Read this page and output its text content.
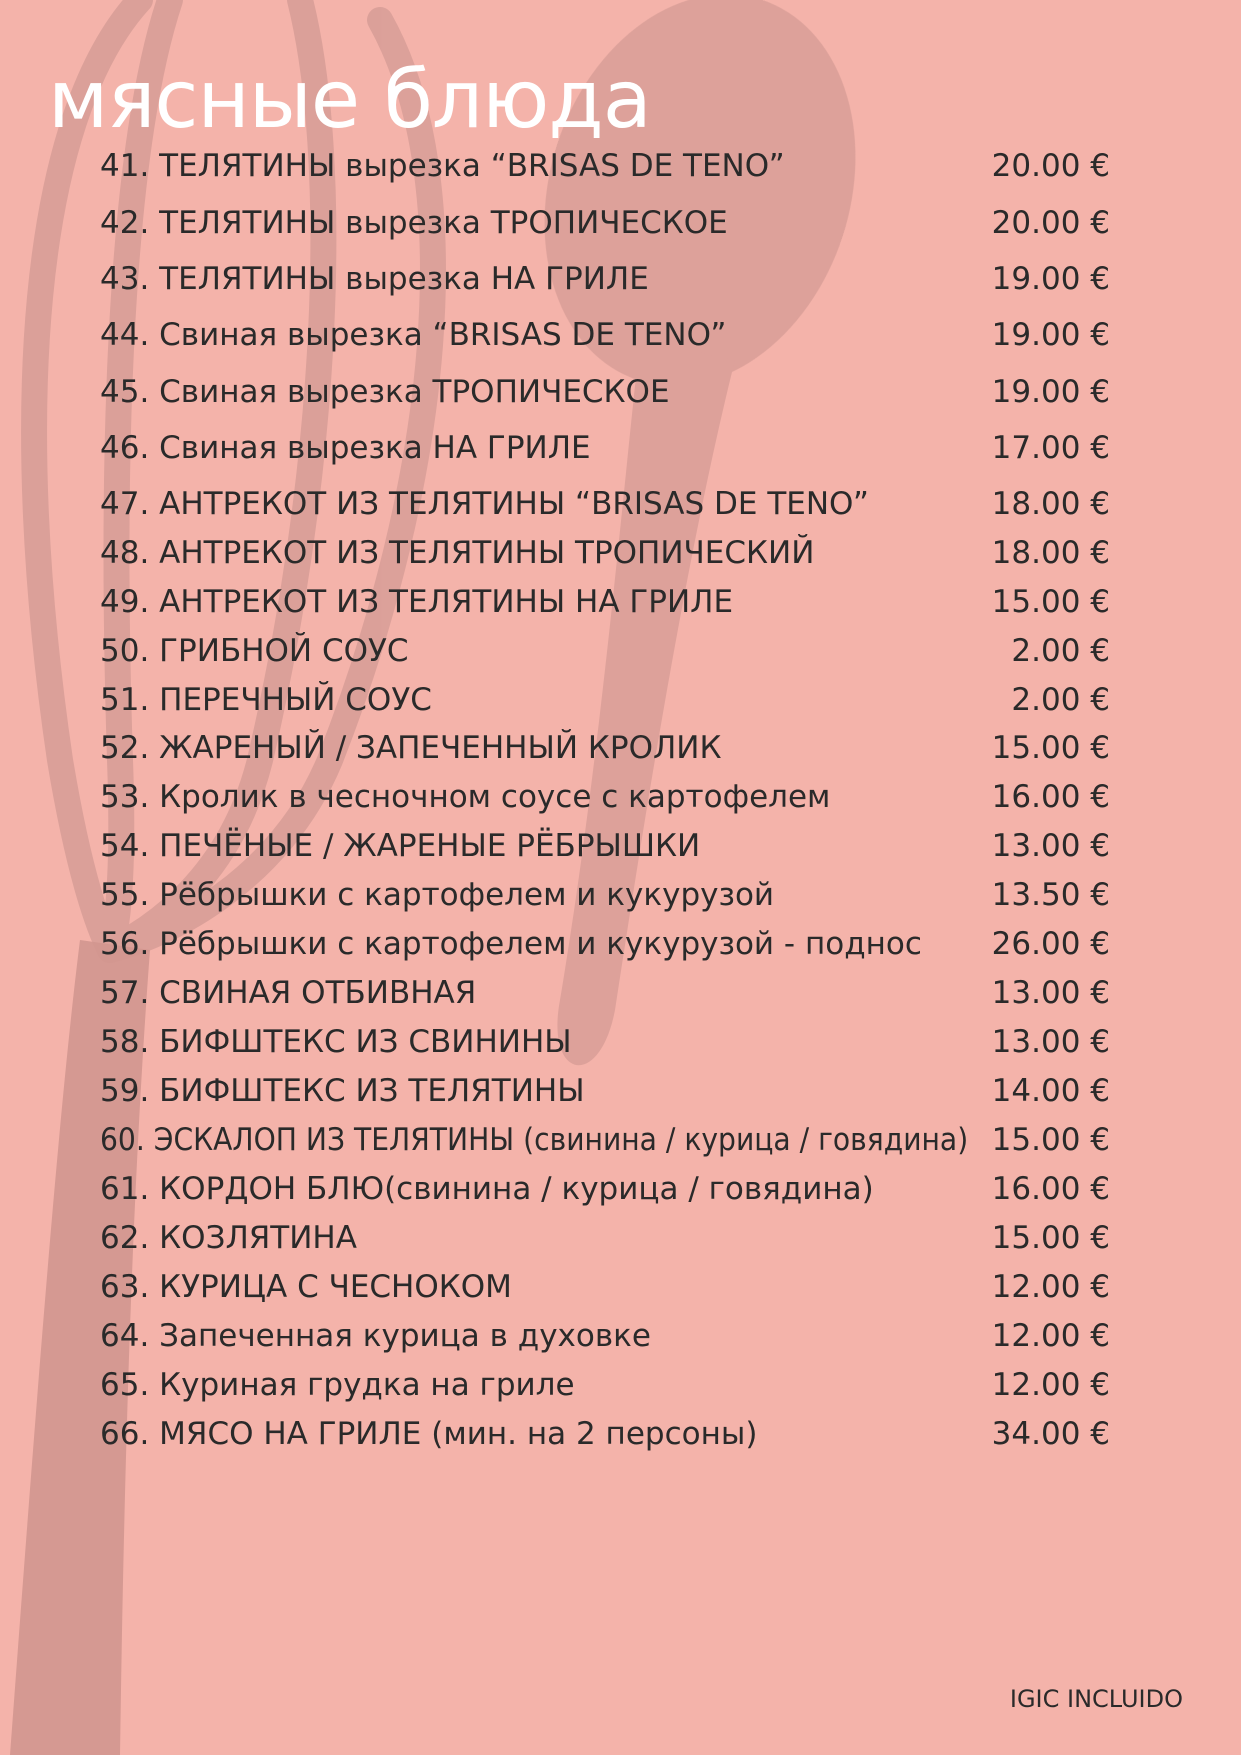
мясные блюда
41. ТЕЛЯТИНЫ вырезка “BRISAS DE TENO”	20.00 €
42. ТЕЛЯТИНЫ вырезка ТРОПИЧЕСКОЕ	20.00 €
43. ТЕЛЯТИНЫ вырезка НА ГРИЛЕ	19.00 €
44. Свиная вырезка “BRISAS DE TENO”	19.00 €
45. Свиная вырезка ТРОПИЧЕСКОЕ	19.00 €
46. Свиная вырезка НА ГРИЛЕ	17.00 €
47. АНТРЕКОТ ИЗ ТЕЛЯТИНЫ “BRISAS DE TENO”	18.00 €
48. АНТРЕКОТ ИЗ ТЕЛЯТИНЫ ТРОПИЧЕСКИЙ	18.00 €
49. АНТРЕКОТ ИЗ ТЕЛЯТИНЫ НА ГРИЛЕ	15.00 €
50. ГРИБНОЙ СОУС	2.00 €
51. ПЕРЕЧНЫЙ СОУС	2.00 €
52. ЖАРЕНЫЙ / ЗАПЕЧЕННЫЙ КРОЛИК	15.00 €
53. Кролик в чесночном соусе с картофелем	16.00 €
54. ПЕЧЁНЫЕ / ЖАРЕНЫЕ РЁБРЫШКИ	13.00 €
55. Рёбрышки с картофелем и кукурузой	13.50 €
56. Рёбрышки с картофелем и кукурузой - поднос 26.00 €
57. СВИНАЯ ОТБИВНАЯ	13.00 €
58. БИФШТЕКС ИЗ СВИНИНЫ	13.00 €
59. БИФШТЕКС ИЗ ТЕЛЯТИНЫ	14.00 €
60. ЭСКАЛОП ИЗ ТЕЛЯТИНЫ (свинина / курица / говядина) 15.00 €
61. КОРДОН БЛЮ(свинина / курица / говядина)	16.00 €
62. КОЗЛЯТИНА	15.00 €
63. КУРИЦА С ЧЕСНОКОМ	12.00 €
64. Запеченная курица в духовке	12.00 €
65. Куриная грудка на гриле	12.00 €
66. МЯСО НА ГРИЛЕ (мин. на 2 персоны)	34.00 €
IGIC INCLUIDO
